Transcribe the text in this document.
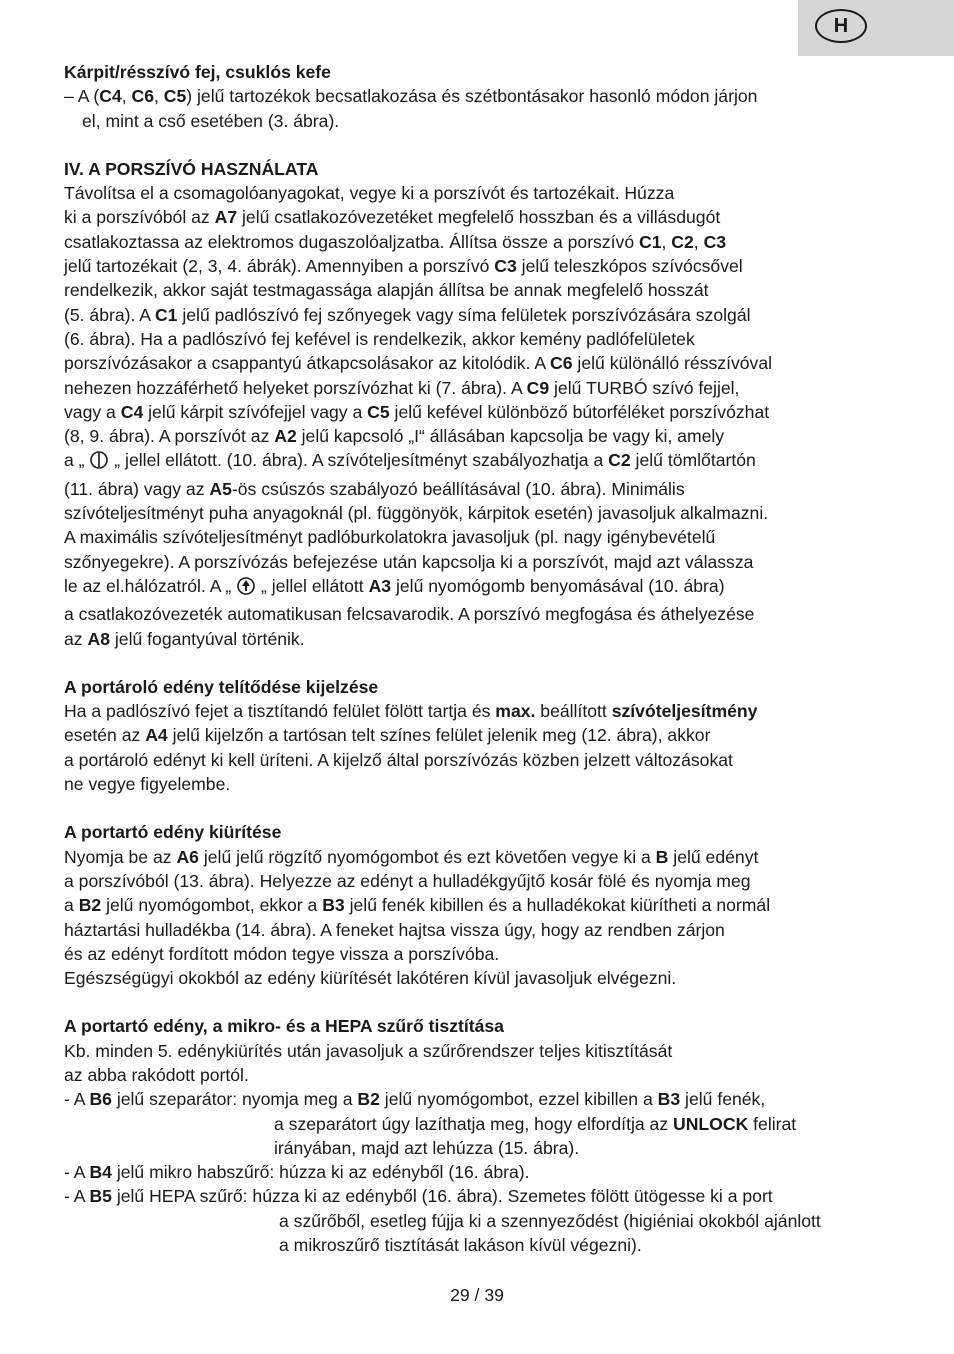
H

Kárpit/résszívó fej, csuklós kefe

– A (C4, C6, C5) jelű tartozékok becsatlakozása és szétbontásakor hasonló módon járjon
el, mint a cső esetében (3. ábra).

IV. A PORSZÍVÓ HASZNÁLATA

Távolítsa el a csomagolóanyagokat, vegye ki a porszívót és tartozékait. Húzza
ki a porszívóból az A7 jelű csatlakozóvezetéket megfelelő hosszban és a villásdugót
csatlakoztassa az elektromos dugaszolóaljzatba. Állítsa össze a porszívó C1, C2, C3
jelű tartozékait (2, 3, 4. ábrák). Amennyiben a porszívó C3 jelű teleszkópos szívócsővel
rendelkezik, akkor saját testmagassága alapján állítsa be annak megfelelő hosszát
(5. ábra). A C1 jelű padlószívó fej szőnyegek vagy síma felületek porszívózására szolgál
(6. ábra). Ha a padlószívó fej kefével is rendelkezik, akkor kemény padlófelületek
porszívózásakor a csappantyú átkapcsolásakor az kitolódik. A C6 jelű különálló résszívóval
nehezen hozzáférhető helyeket porszívózhat ki (7. ábra). A C9 jelű TURBÓ szívó fejjel,
vagy a C4 jelű kárpit szívófejjel vagy a C5 jelű kefével különböző bútorféléket porszívózhat
(8, 9. ábra). A porszívót az A2 jelű kapcsoló „I“ állásában kapcsolja be vagy ki, amely
a „  „ jellel ellátott. (10. ábra). A szívóteljesítményt szabályozhatja a C2 jelű tömlőtartón
(11. ábra) vagy az A5-ös csúszós szabályozó beállításával (10. ábra). Minimális
szívóteljesítményt puha anyagoknál (pl. függönyök, kárpitok esetén) javasoljuk alkalmazni.
A maximális szívóteljesítményt padlóburkolatokra javasoljuk (pl. nagy igénybevételű
szőnyegekre). A porszívózás befejezése után kapcsolja ki a porszívót, majd azt válassza
le az el.hálózatról. A „  „ jellel ellátott A3 jelű nyomógomb benyomásával (10. ábra)
a csatlakozóvezeték automatikusan felcsavarodik. A porszívó megfogása és áthelyezése
az A8 jelű fogantyúval történik.

A portároló edény telítődése kijelzése

Ha a padlószívó fejet a tisztítandó felület fölött tartja és max. beállított szívóteljesítmény
esetén az A4 jelű kijelzőn a tartósan telt színes felület jelenik meg (12. ábra), akkor
a portároló edényt ki kell üríteni. A kijelző által porszívózás közben jelzett változásokat
ne vegye figyelembe.

A portartó edény kiürítése

Nyomja be az A6 jelű jelű rögzítő nyomógombot és ezt követően vegye ki a B jelű edényt
a porszívóból (13. ábra). Helyezze az edényt a hulladékgyűjtő kosár fölé és nyomja meg
a B2 jelű nyomógombot, ekkor a B3 jelű fenék kibillen és a hulladékokat kiürítheti a normál
háztartási hulladékba (14. ábra). A feneket hajtsa vissza úgy, hogy az rendben zárjon
és az edényt fordított módon tegye vissza a porszívóba.
Egészségügyi okokból az edény kiürítését lakótéren kívül javasoljuk elvégezni.

A portartó edény, a mikro- és a HEPA szűrő tisztítása

Kb. minden 5. edénykiürítés után javasoljuk a szűrőrendszer teljes kitisztítását
az abba rakódott portól.

- A B6 jelű szeparátor: nyomja meg a B2 jelű nyomógombot, ezzel kibillen a B3 jelű fenék,

a szeparátort úgy lazíthatja meg, hogy elfordítja az UNLOCK felirat
irányában, majd azt lehúzza (15. ábra).

- A B4 jelű mikro habszűrő: húzza ki az edényből (16. ábra).

- A B5 jelű HEPA szűrő: húzza ki az edényből (16. ábra). Szemetes fölött ütögesse ki a port

a szűrőből, esetleg fújja ki a szennyeződést (higiéniai okokból ajánlott
a mikroszűrő tisztítását lakáson kívül végezni).

29 / 39
